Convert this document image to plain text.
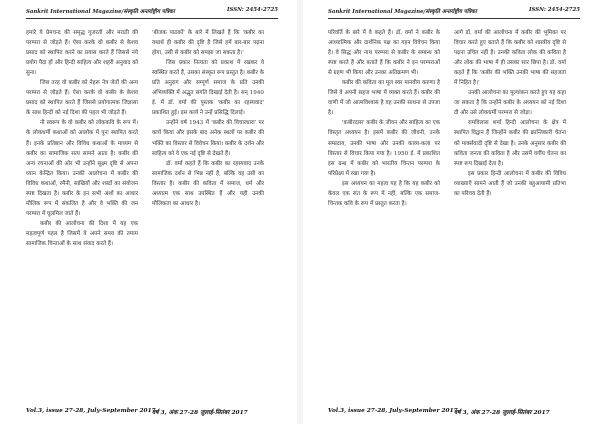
Sankrit International Magazine/संस्कृति अन्तर्राष्ट्रीय पत्रिका	ISSN: 2454-2725

हमारे ये प्रेमचन्द की समृद्ध गुजरती और मराठी की परम्परा से जोड़ते हैं। ऐसा करके वो कबीर से केशव प्रसाद को स्थापित करने का प्रयास करते हैं जिससे नये प्रयोग पैदा हों और हिन्दी साहित्य और शहरी अनुवाद को सुना।

जिस तरह वो कबीर को नेहरू नेत्र जेतों की अन्य परम्परा से जोड़ते हैं। ऐसा करके वो कबीर के केशव प्रसाद को स्थापित करते हैं जिससे प्रयोगात्मक जिज्ञासा के साथ हिन्दी को नई दिशा की पहल भी जोड़ते हैं।

नौ स्वरूप के वो कबीर को लोककवि के रूप में। के लोकधर्मी कथाओं को आलोक में पुनः स्थापित करते हैं। इनके प्रतिष्ठान और विविध कथाओं के माध्यम से कबीर का सामाजिक सत्य सामने आता है। कबीर की अन्य रचनाओं की ओर भी उन्होंने सूक्ष्म दृष्टि से अपना ध्यान केन्द्रित किया। उनकी आलोचना में कबीर की विविध कथाओं, रमैनी, साखियों और शब्दों का संयोजन स्पष्ट दिखता है। कबीर के इन सभी अंशों का आधार मौलिक रूप में संकलित है और वे भक्ति की जन परम्परा में घुलमिल जाते हैं।

कबीर की आलोचना की दिशा में यह एक महत्वपूर्ण पहल है जिसमें वे अपने समय की तमाम सामाजिक चिन्ताओं के साथ संवाद करते हैं।

'बीजक पाठकों' के बारे में लिखते हैं कि 'कबीर का यथार्थ ही कबीर की दृष्टि है जिसे हमें बार-बार पढ़ना होगा, उसी से कबीर को समझा जा सकता है।'

जिस प्रकार नित्यता को प्रकाश में रखकर वे स्वस्थित करते हैं, उसका संस्कृत रूप प्रस्तुत है। कबीर के प्रति अनुराग और सम्पूर्ण समाज के प्रति उनकी अभिव्यक्ति में अद्भुत संगति दिखाई देती है। सन् 1940 ई. में डॉ. वर्मा की पुस्तक 'कबीर का रहस्यवाद' प्रकाशित हुई। इस कार्य ने उन्हें प्रसिद्धि दिलाई।

उन्होंने वर्ष 1943 में 'कबीर की विचारधारा' पर कार्य किया और इसके बाद अनेक स्थलों पर कबीर की भक्ति का विस्तार से विवेचन किया। कबीर के दर्शन और साहित्य को वे एक नई दृष्टि से देखते हैं।

डॉ. वर्मा कहते हैं कि कबीर का रहस्यवाद उनके सामाजिक दर्शन से भिन्न नहीं है, बल्कि वह उसी का विस्तार है। कबीर की कविता में समाज, धर्म और अध्यात्म एक साथ उपस्थित हैं और यही उनकी मौलिकता का आधार है।

Vol.3, issue 27-28, July-September 2017.
वर्ष 3, अंक 27-28 जुलाई-सितंबर 2017
Sankrit International Magazine/संस्कृति अन्तर्राष्ट्रीय पत्रिका	ISSN: 2454-2725

परिवर्ति के बारे में वे कहते हैं। डॉ. वर्मा ने कबीर के आध्यात्मिक और दार्शनिक पक्ष का गहन विवेचन किया है। वे सिद्ध और नाथ परम्परा से कबीर के सम्बन्ध को स्पष्ट करते हैं और बताते हैं कि कबीर ने इन परम्पराओं से ग्रहण भी किया और उनका अतिक्रमण भी।

कबीर की कविता का मूल स्वर मानवीय करुणा है जिसे वे अपनी सहज भाषा में व्यक्त करते हैं। कबीर की वाणी में जो आत्मविश्वास है वह उनकी साधना से उपजा है।

'कबीरदास' कबीर के जीवन और साहित्य का एक विस्तृत अध्ययन है। इसमें कबीर की जीवनी, उनके सम्प्रदाय, उनकी भाषा और उनकी काव्य-कला पर विस्तार से विचार किया गया है। 1950 ई. में प्रकाशित इस ग्रन्थ में कबीर को भारतीय चिन्तन परम्परा के परिप्रेक्ष्य में रखा गया है।

इस अध्ययन का महत्व यह है कि यह कबीर को केवल एक संत के रूप में नहीं, बल्कि एक समाज-चिन्तक कवि के रूप में प्रस्तुत करता है।

आगे डॉ. वर्मा की आलोचना में कबीर की भूमिका पर विचार करते हुए बताते हैं कि कबीर को शास्त्रीय दृष्टि से पढ़ना उचित नहीं है। उनकी कविता लोक की कविता है और लोक की भाषा में ही उसका सार छिपा है। डॉ. वर्मा कहते हैं कि 'कबीर की भक्ति उनकी भाषा की सहजता में निहित है।'

उनकी आलोचना का मूल्यांकन करते हुए यह कहा जा सकता है कि उन्होंने कबीर के अध्ययन को नई दिशा दी और उसे लोकधर्मी परम्परा से जोड़ा।

रामविलास शर्मा हिन्दी आलोचना के क्षेत्र में स्थापित विद्वान हैं जिन्होंने कबीर की क्रान्तिकारी चेतना को मार्क्सवादी दृष्टि से देखा है। उनके अनुसार कबीर की कविता जनता की कविता है और उसमें वर्गीय चेतना का स्पष्ट रूप दिखाई देता है।

इस प्रकार हिन्दी आलोचना में कबीर की विविध व्याख्याएँ सामने आती हैं जो उनकी बहुआयामी प्रतिभा का परिचय देती हैं।

Vol.3, issue 27-28, July-September 2017.
वर्ष 3, अंक 27-28 जुलाई-सितंबर 2017
